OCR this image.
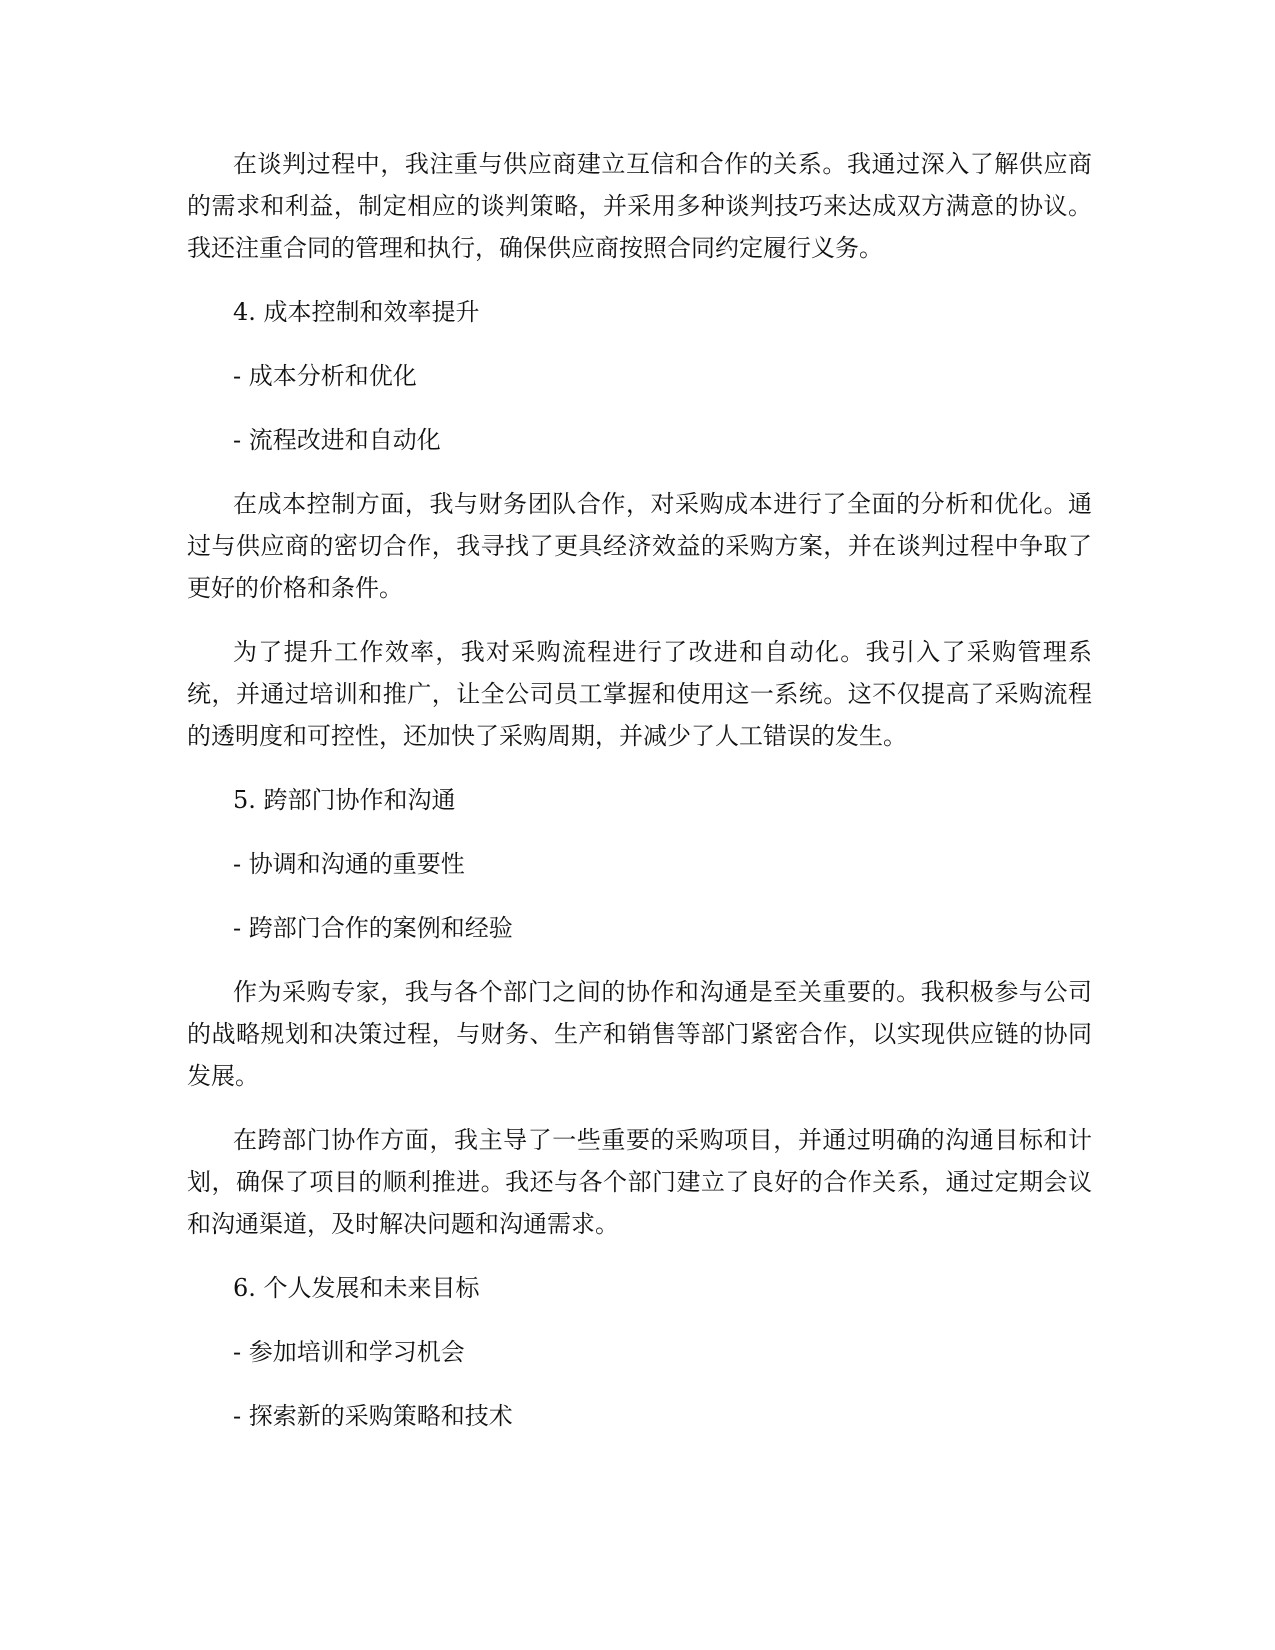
在谈判过程中，我注重与供应商建立互信和合作的关系。我通过深入了解供应商的需求和利益，制定相应的谈判策略，并采用多种谈判技巧来达成双方满意的协议。我还注重合同的管理和执行，确保供应商按照合同约定履行义务。

4. 成本控制和效率提升

- 成本分析和优化

- 流程改进和自动化

在成本控制方面，我与财务团队合作，对采购成本进行了全面的分析和优化。通过与供应商的密切合作，我寻找了更具经济效益的采购方案，并在谈判过程中争取了更好的价格和条件。

为了提升工作效率，我对采购流程进行了改进和自动化。我引入了采购管理系统，并通过培训和推广，让全公司员工掌握和使用这一系统。这不仅提高了采购流程的透明度和可控性，还加快了采购周期，并减少了人工错误的发生。

5. 跨部门协作和沟通

- 协调和沟通的重要性

- 跨部门合作的案例和经验

作为采购专家，我与各个部门之间的协作和沟通是至关重要的。我积极参与公司的战略规划和决策过程，与财务、生产和销售等部门紧密合作，以实现供应链的协同发展。

在跨部门协作方面，我主导了一些重要的采购项目，并通过明确的沟通目标和计划，确保了项目的顺利推进。我还与各个部门建立了良好的合作关系，通过定期会议和沟通渠道，及时解决问题和沟通需求。

6. 个人发展和未来目标

- 参加培训和学习机会

- 探索新的采购策略和技术
